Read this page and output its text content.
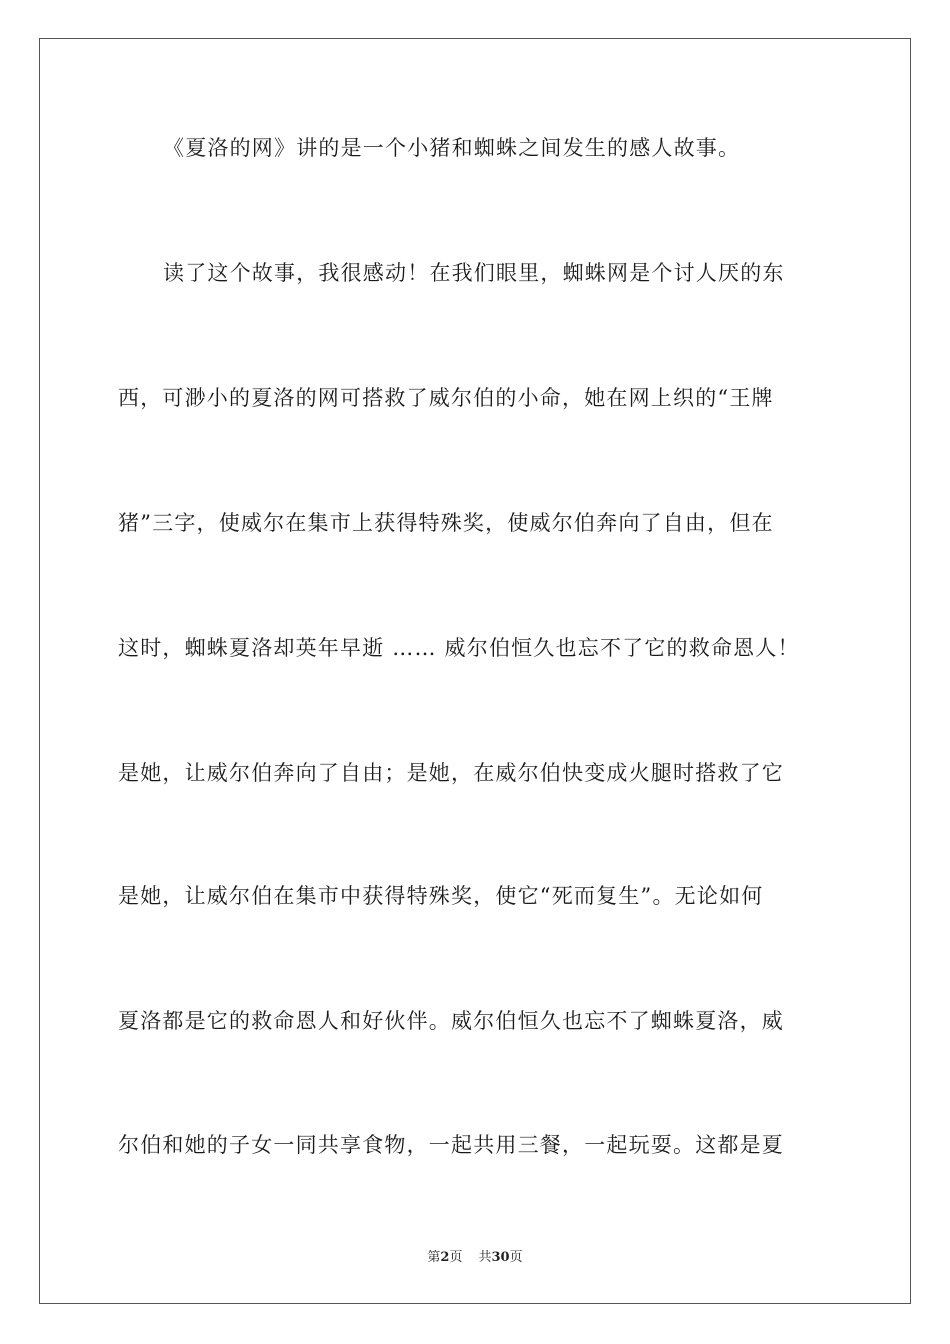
《夏洛的网》讲的是一个小猪和蜘蛛之间发生的感人故事。
读了这个故事，我很感动！在我们眼里，蜘蛛网是个讨人厌的东
西，可渺小的夏洛的网可搭救了威尔伯的小命，她在网上织的“王牌
猪”三字，使威尔在集市上获得特殊奖，使威尔伯奔向了自由，但在
这时，蜘蛛夏洛却英年早逝 …… 威尔伯恒久也忘不了它的救命恩人！
是她，让威尔伯奔向了自由；是她，在威尔伯快变成火腿时搭救了它
是她，让威尔伯在集市中获得特殊奖，使它“死而复生”。无论如何
夏洛都是它的救命恩人和好伙伴。威尔伯恒久也忘不了蜘蛛夏洛，威
尔伯和她的子女一同共享食物，一起共用三餐，一起玩耍。这都是夏
第2页 共30页
